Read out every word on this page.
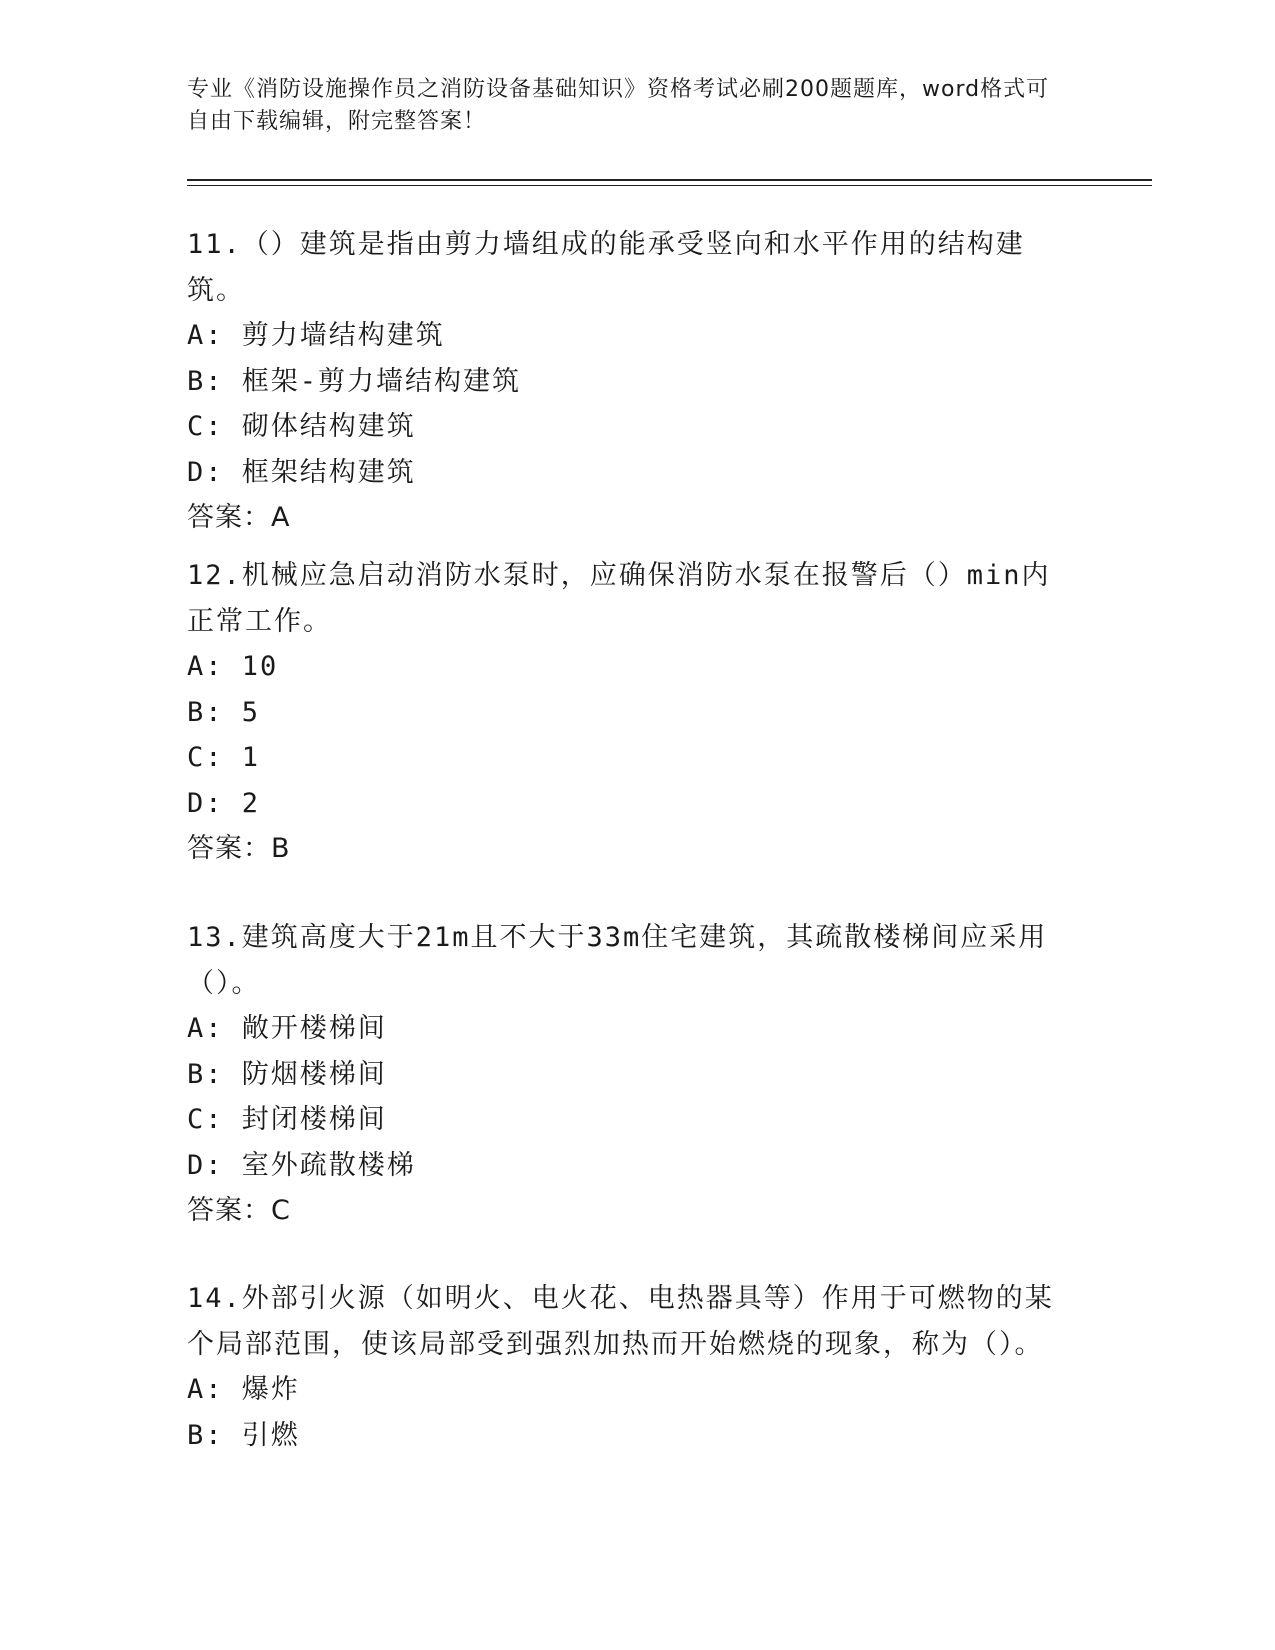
专业《消防设施操作员之消防设备基础知识》资格考试必刷200题题库，word格式可自由下载编辑，附完整答案！
11.（）建筑是指由剪力墙组成的能承受竖向和水平作用的结构建筑。
A: 剪力墙结构建筑
B: 框架-剪力墙结构建筑
C: 砌体结构建筑
D: 框架结构建筑
答案：A
12.机械应急启动消防水泵时，应确保消防水泵在报警后（）min内正常工作。
A: 10
B: 5
C: 1
D: 2
答案：B
13.建筑高度大于21m且不大于33m住宅建筑，其疏散楼梯间应采用（）。
A: 敞开楼梯间
B: 防烟楼梯间
C: 封闭楼梯间
D: 室外疏散楼梯
答案：C
14.外部引火源（如明火、电火花、电热器具等）作用于可燃物的某个局部范围，使该局部受到强烈加热而开始燃烧的现象，称为（）。
A: 爆炸
B: 引燃
